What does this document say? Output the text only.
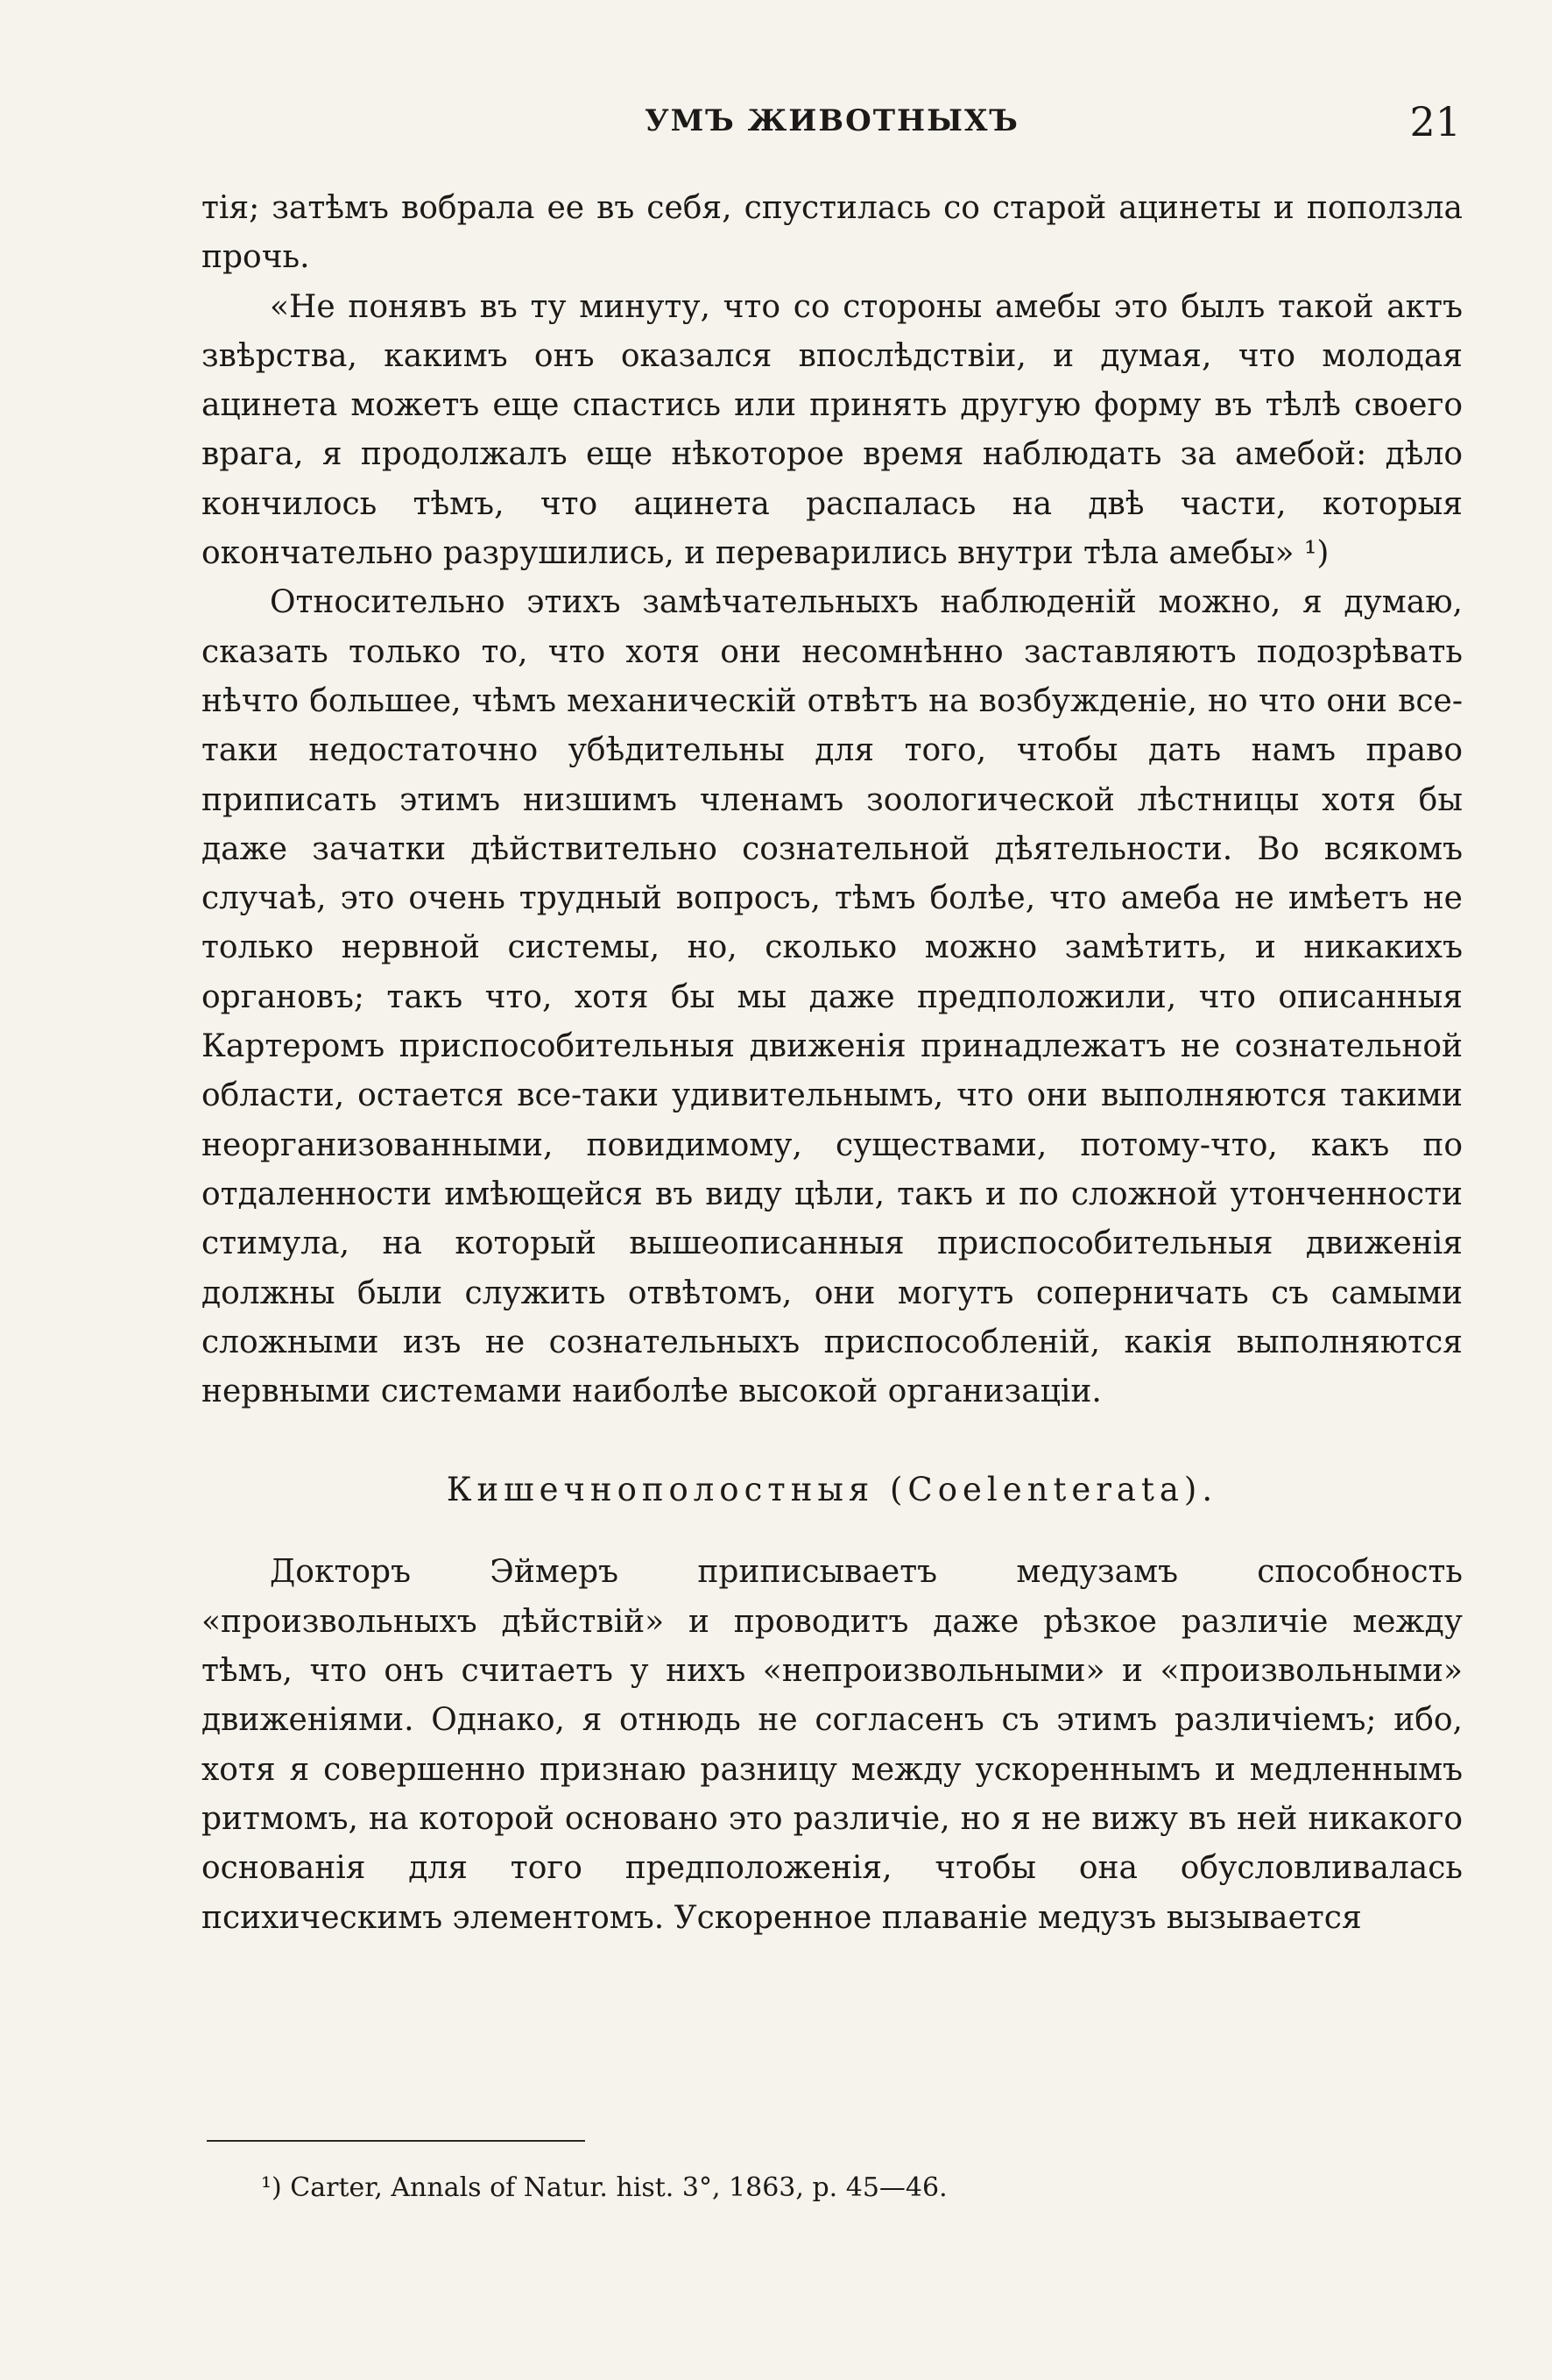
УМЪ ЖИВОТНЫХЪ	21

тія; затѣмъ вобрала ее въ себя, спустилась со старой ацинеты и поползла прочь.

«Не понявъ въ ту минуту, что со стороны амебы это былъ такой актъ звѣрства, какимъ онъ оказался впослѣдствіи, и думая, что молодая ацинета можетъ еще спастись или принять другую форму въ тѣлѣ своего врага, я продолжалъ еще нѣкоторое время наблюдать за амебой: дѣло кончилось тѣмъ, что ацинета распалась на двѣ части, которыя окончательно разрушились, и переварились внутри тѣла амебы» ¹)

Относительно этихъ замѣчательныхъ наблюденій можно, я думаю, сказать только то, что хотя они несомнѣнно заставляютъ подозрѣвать нѣчто большее, чѣмъ механическій отвѣтъ на возбужденіе, но что они все-таки недостаточно убѣдительны для того, чтобы дать намъ право приписать этимъ низшимъ членамъ зоологической лѣстницы хотя бы даже зачатки дѣйствительно сознательной дѣятельности. Во всякомъ случаѣ, это очень трудный вопросъ, тѣмъ болѣе, что амеба не имѣетъ не только нервной системы, но, сколько можно замѣтить, и никакихъ органовъ; такъ что, хотя бы мы даже предположили, что описанныя Картеромъ приспособительныя движенія принадлежатъ не сознательной области, остается все-таки удивительнымъ, что они выполняются такими неорганизованными, повидимому, существами, потому-что, какъ по отдаленности имѣющейся въ виду цѣли, такъ и по сложной утонченности стимула, на который вышеописанныя приспособительныя движенія должны были служить отвѣтомъ, они могутъ соперничать съ самыми сложными изъ не сознательныхъ приспособленій, какія выполняются нервными системами наиболѣе высокой организаціи.

Кишечнополостныя (Coelenterata).

Докторъ Эймеръ приписываетъ медузамъ способность «произвольныхъ дѣйствій» и проводитъ даже рѣзкое различіе между тѣмъ, что онъ считаетъ у нихъ «непроизвольными» и «произвольными» движеніями. Однако, я отнюдь не согласенъ съ этимъ различіемъ; ибо, хотя я совершенно признаю разницу между ускореннымъ и медленнымъ ритмомъ, на которой основано это различіе, но я не вижу въ ней никакого основанія для того предположенія, чтобы она обусловливалась психическимъ элементомъ. Ускоренное плаваніе медузъ вызывается

¹) Carter, Annals of Natur. hist. 3°, 1863, p. 45—46.
